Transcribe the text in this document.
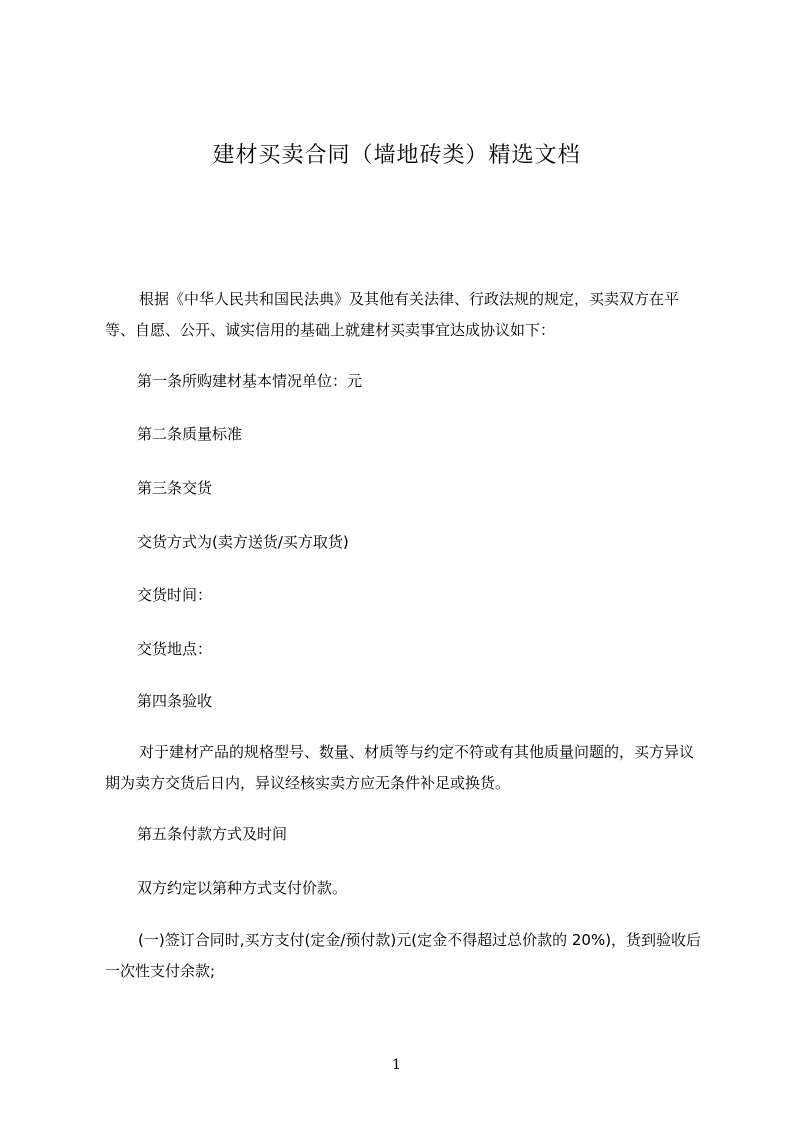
建材买卖合同（墙地砖类）精选文档

根据《中华人民共和国民法典》及其他有关法律、行政法规的规定，买卖双方在平等、自愿、公开、诚实信用的基础上就建材买卖事宜达成协议如下：

第一条所购建材基本情况单位：元
第二条质量标准
第三条交货
交货方式为(卖方送货/买方取货)
交货时间：
交货地点：
第四条验收

对于建材产品的规格型号、数量、材质等与约定不符或有其他质量问题的，买方异议期为卖方交货后日内，异议经核实卖方应无条件补足或换货。

第五条付款方式及时间
双方约定以第种方式支付价款。

(一)签订合同时,买方支付(定金/预付款)元(定金不得超过总价款的 20%)，货到验收后一次性支付余款;

1
